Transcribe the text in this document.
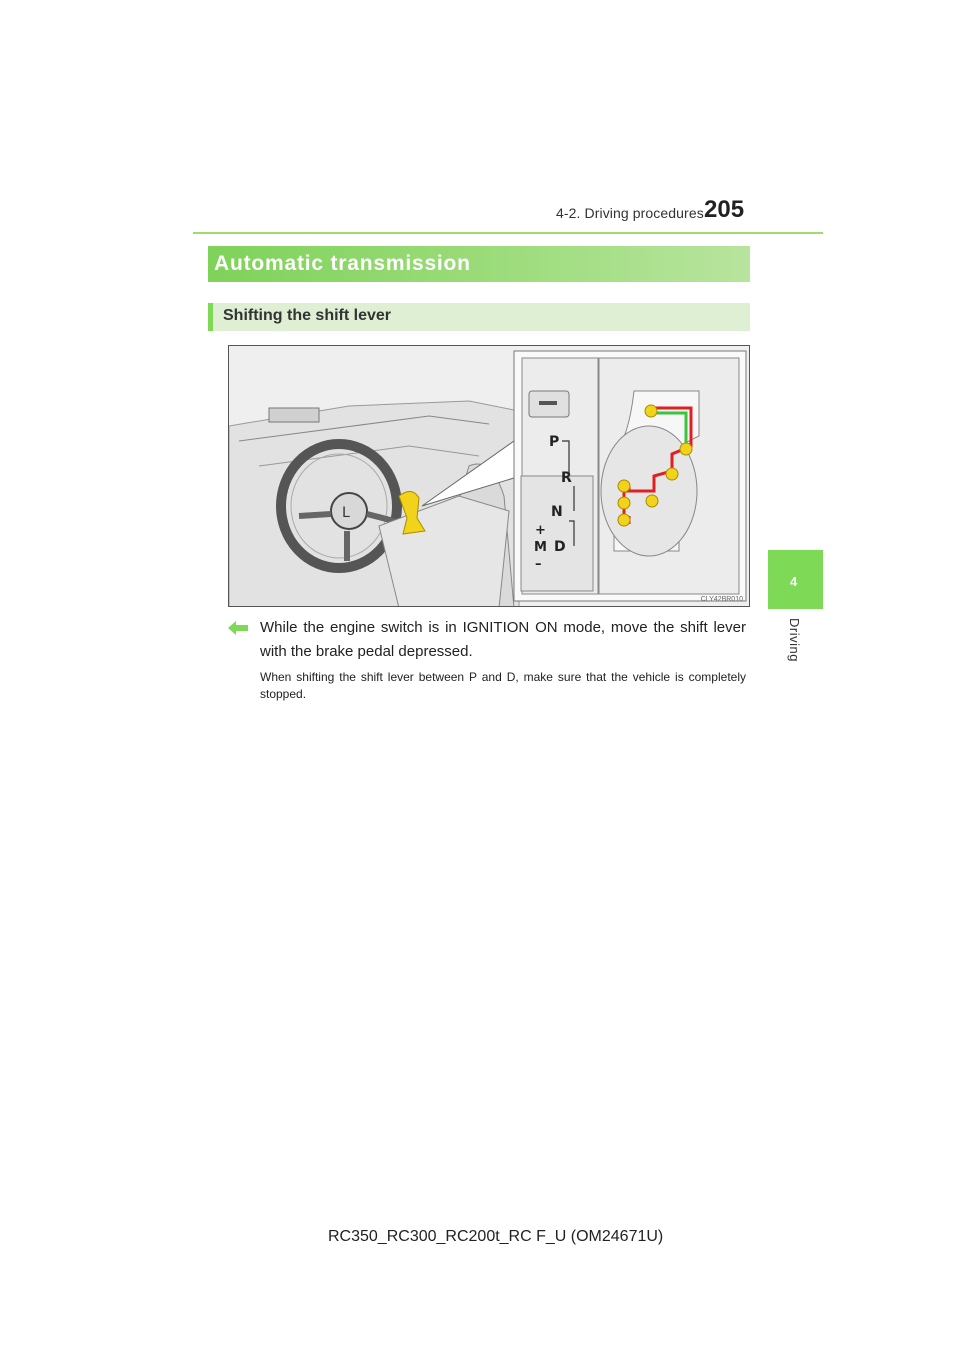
4-2. Driving procedures 205
4
Driving
Automatic transmission
Shifting the shift lever
L
P
R
N
D
M
+
–
CLY42BR010
While the engine switch is in IGNITION ON mode, move the shift lever with the brake pedal depressed.
When shifting the shift lever between P and D, make sure that the vehicle is completely stopped.
RC350_RC300_RC200t_RC F_U (OM24671U)
